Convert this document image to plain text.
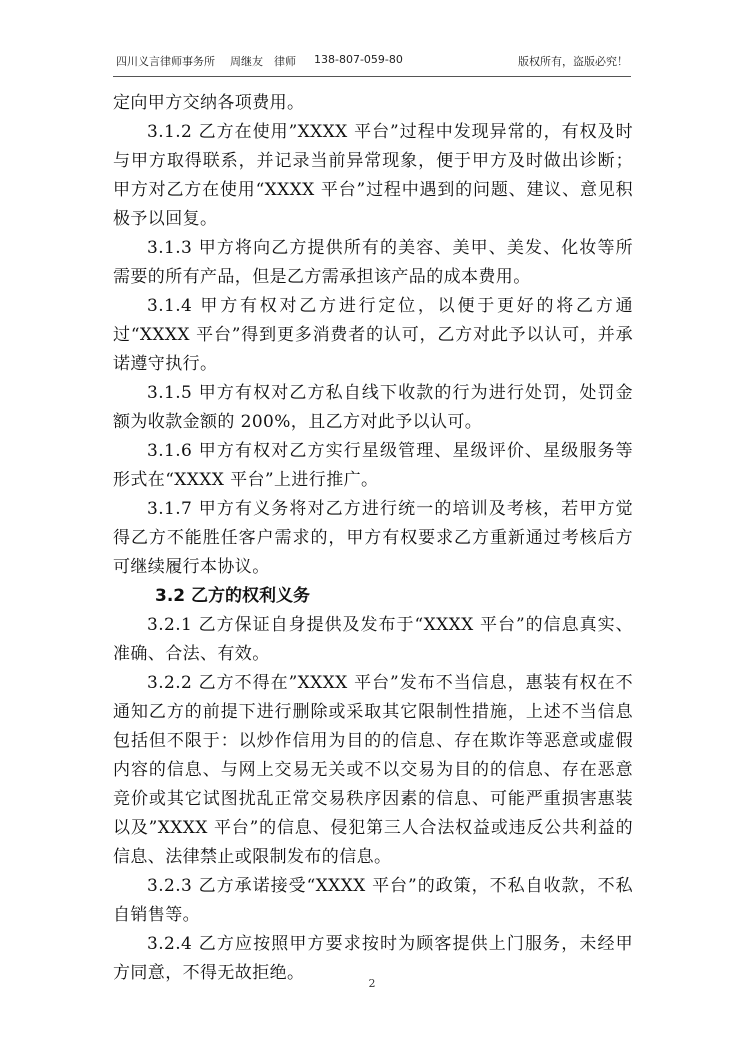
四川义言律师事务所 周继友　律师 138-807-059-80	版权所有，盗版必究！

定向甲方交纳各项费用。

3.1.2 乙方在使用”XXXX 平台”过程中发现异常的，有权及时与甲方取得联系，并记录当前异常现象，便于甲方及时做出诊断；甲方对乙方在使用“XXXX 平台”过程中遇到的问题、建议、意见积极予以回复。

3.1.3 甲方将向乙方提供所有的美容、美甲、美发、化妆等所需要的所有产品，但是乙方需承担该产品的成本费用。

3.1.4 甲方有权对乙方进行定位，以便于更好的将乙方通过“XXXX 平台”得到更多消费者的认可，乙方对此予以认可，并承诺遵守执行。

3.1.5 甲方有权对乙方私自线下收款的行为进行处罚，处罚金额为收款金额的 200%，且乙方对此予以认可。

3.1.6 甲方有权对乙方实行星级管理、星级评价、星级服务等形式在“XXXX 平台”上进行推广。

3.1.7 甲方有义务将对乙方进行统一的培训及考核，若甲方觉得乙方不能胜任客户需求的，甲方有权要求乙方重新通过考核后方可继续履行本协议。

3.2 乙方的权利义务

3.2.1 乙方保证自身提供及发布于“XXXX 平台”的信息真实、准确、合法、有效。

3.2.2 乙方不得在”XXXX 平台”发布不当信息，惠装有权在不通知乙方的前提下进行删除或采取其它限制性措施，上述不当信息包括但不限于：以炒作信用为目的的信息、存在欺诈等恶意或虚假内容的信息、与网上交易无关或不以交易为目的的信息、存在恶意竞价或其它试图扰乱正常交易秩序因素的信息、可能严重损害惠装以及”XXXX 平台”的信息、侵犯第三人合法权益或违反公共利益的信息、法律禁止或限制发布的信息。

3.2.3 乙方承诺接受“XXXX 平台”的政策，不私自收款，不私自销售等。

3.2.4 乙方应按照甲方要求按时为顾客提供上门服务，未经甲方同意，不得无故拒绝。

2
